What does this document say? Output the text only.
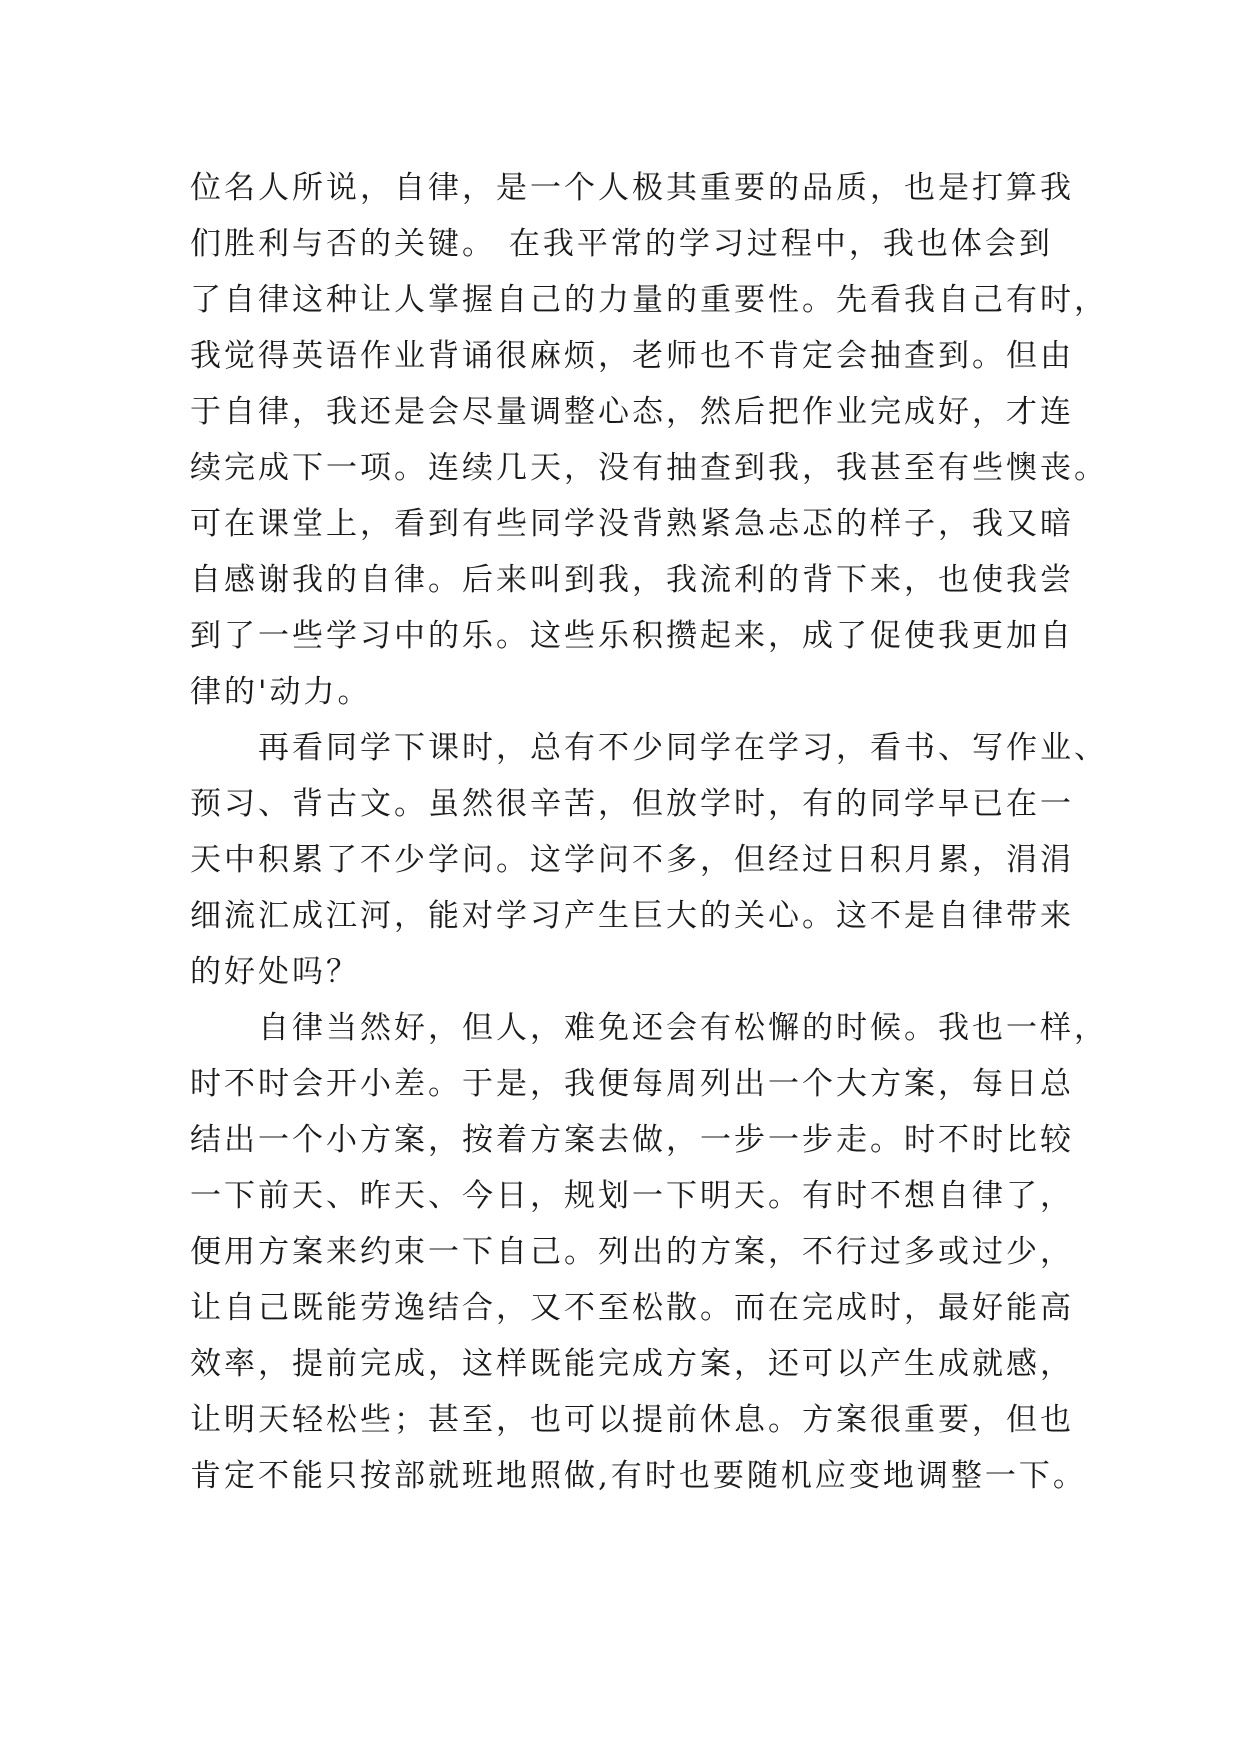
位名人所说，自律，是一个人极其重要的品质，也是打算我
们胜利与否的关键。 在我平常的学习过程中，我也体会到
了自律这种让人掌握自己的力量的重要性。先看我自己有时，
我觉得英语作业背诵很麻烦，老师也不肯定会抽查到。但由
于自律，我还是会尽量调整心态，然后把作业完成好，才连
续完成下一项。连续几天，没有抽查到我，我甚至有些懊丧。
可在课堂上，看到有些同学没背熟紧急忐忑的样子，我又暗
自感谢我的自律。后来叫到我，我流利的背下来，也使我尝
到了一些学习中的乐。这些乐积攒起来，成了促使我更加自
律的'动力。
　　再看同学下课时，总有不少同学在学习，看书、写作业、
预习、背古文。虽然很辛苦，但放学时，有的同学早已在一
天中积累了不少学问。这学问不多，但经过日积月累，涓涓
细流汇成江河，能对学习产生巨大的关心。这不是自律带来
的好处吗？
　　自律当然好，但人，难免还会有松懈的时候。我也一样，
时不时会开小差。于是，我便每周列出一个大方案，每日总
结出一个小方案，按着方案去做，一步一步走。时不时比较
一下前天、昨天、今日，规划一下明天。有时不想自律了，
便用方案来约束一下自己。列出的方案，不行过多或过少，
让自己既能劳逸结合，又不至松散。而在完成时，最好能高
效率，提前完成，这样既能完成方案，还可以产生成就感，
让明天轻松些；甚至，也可以提前休息。方案很重要，但也
肯定不能只按部就班地照做,有时也要随机应变地调整一下。
